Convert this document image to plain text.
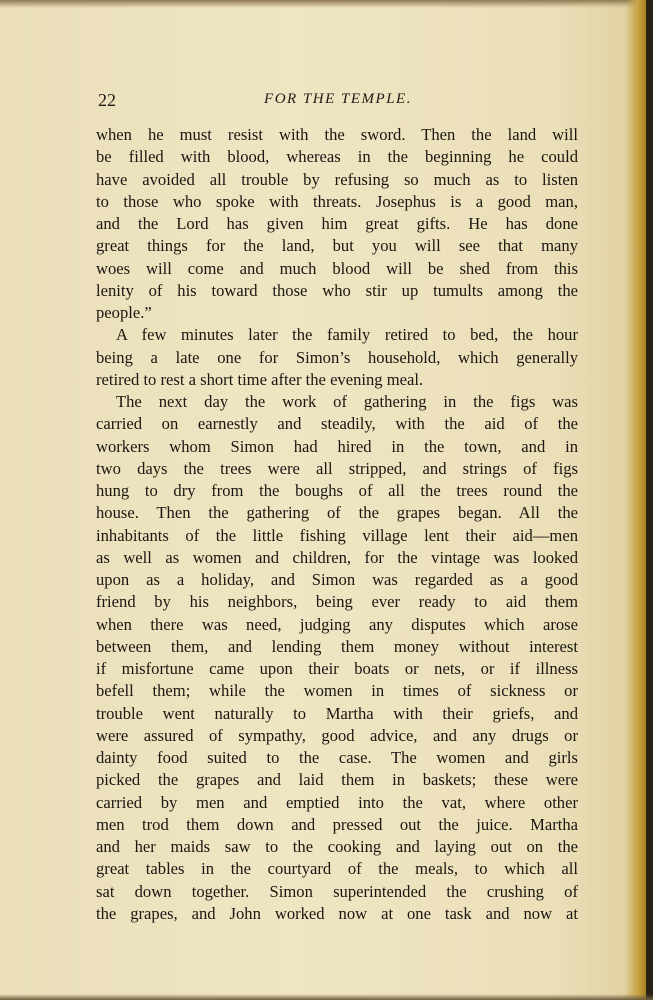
22	FOR THE TEMPLE.
when he must resist with the sword. Then the land will
be filled with blood, whereas in the beginning he could
have avoided all trouble by refusing so much as to listen
to those who spoke with threats. Josephus is a good man,
and the Lord has given him great gifts. He has done
great things for the land, but you will see that many
woes will come and much blood will be shed from this
lenity of his toward those who stir up tumults among the
people.”
A few minutes later the family retired to bed, the hour
being a late one for Simon’s household, which generally
retired to rest a short time after the evening meal.
The next day the work of gathering in the figs was
carried on earnestly and steadily, with the aid of the
workers whom Simon had hired in the town, and in
two days the trees were all stripped, and strings of figs
hung to dry from the boughs of all the trees round the
house. Then the gathering of the grapes began. All the
inhabitants of the little fishing village lent their aid—men
as well as women and children, for the vintage was looked
upon as a holiday, and Simon was regarded as a good
friend by his neighbors, being ever ready to aid them
when there was need, judging any disputes which arose
between them, and lending them money without interest
if misfortune came upon their boats or nets, or if illness
befell them; while the women in times of sickness or
trouble went naturally to Martha with their griefs, and
were assured of sympathy, good advice, and any drugs or
dainty food suited to the case. The women and girls
picked the grapes and laid them in baskets; these were
carried by men and emptied into the vat, where other
men trod them down and pressed out the juice. Martha
and her maids saw to the cooking and laying out on the
great tables in the courtyard of the meals, to which all
sat down together. Simon superintended the crushing of
the grapes, and John worked now at one task and now at
